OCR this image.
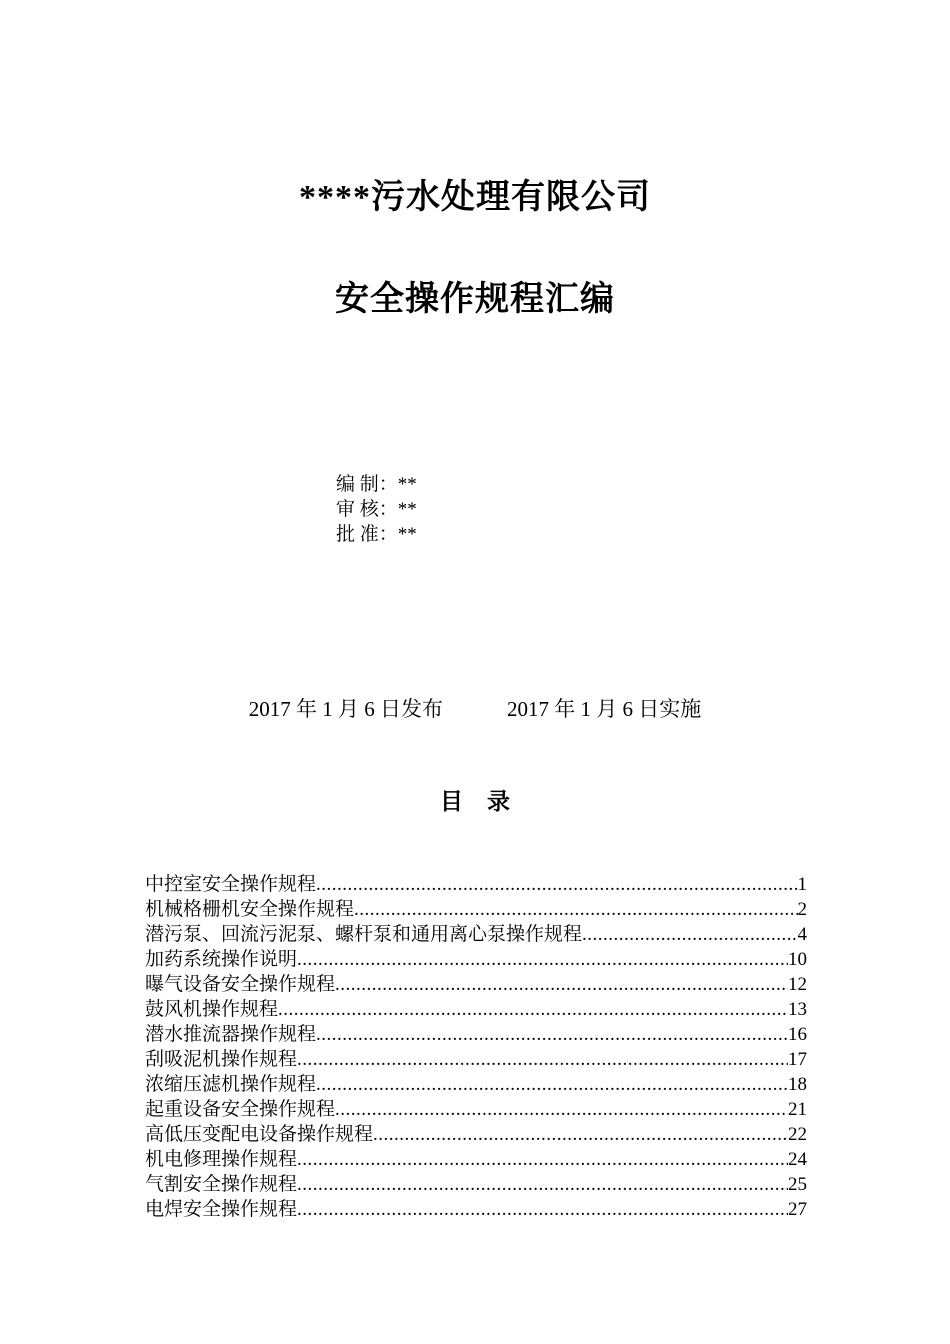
****污水处理有限公司
安全操作规程汇编
编 制：**
审 核：**
批 准：**
2017 年 1 月 6 日发布	2017 年 1 月 6 日实施
目录
中控室安全操作规程 .....	1
机械格栅机安全操作规程 .....	2
潜污泵、回流污泥泵、螺杆泵和通用离心泵操作规程 .....	4
加药系统操作说明 .....	10
曝气设备安全操作规程 .....	12
鼓风机操作规程 .....	13
潜水推流器操作规程 .....	16
刮吸泥机操作规程 .....	17
浓缩压滤机操作规程 .....	18
起重设备安全操作规程 .....	21
高低压变配电设备操作规程 .....	22
机电修理操作规程 .....	24
气割安全操作规程 .....	25
电焊安全操作规程 .....	27
